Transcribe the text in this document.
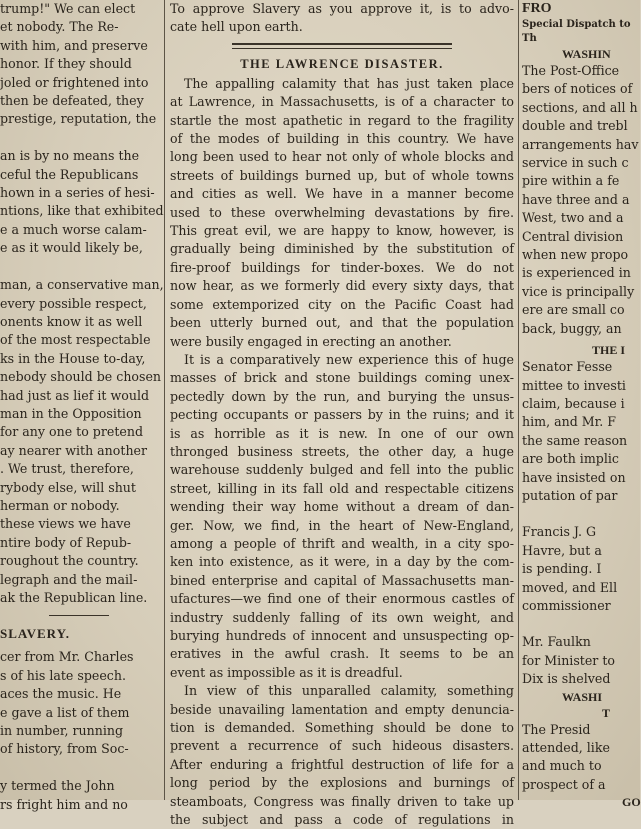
trump!" We can elect
et nobody. The Re-
with him, and preserve
honor. If they should
joled or frightened into
then be defeated, they
prestige, reputation, the

an is by no means the
ceful the Republicans
hown in a series of hesi-
ntions, like that exhibited
e a much worse calam-
e as it would likely be,

man, a conservative man,
every possible respect,
onents know it as well
of the most respectable
ks in the House to-day,
nebody should be chosen
had just as lief it would
man in the Opposition
for any one to pretend
ay nearer with another
. We trust, therefore,
rybody else, will shut
herman or nobody.
these views we have
ntire body of Repub-
roughout the country.
legraph and the mail-
ak the Republican line.
SLAVERY.
cer from Mr. Charles
s of his late speech.
aces the music. He
e gave a list of them
in number, running
of history, from Soc-

y termed the John
rs fright him and no
To approve Slavery as you approve it, is to advo-
cate hell upon earth.
THE LAWRENCE DISASTER.
The appalling calamity that has just taken place
at Lawrence, in Massachusetts, is of a character to
startle the most apathetic in regard to the fragility
of the modes of building in this country. We have
long been used to hear not only of whole blocks and
streets of buildings burned up, but of whole towns
and cities as well. We have in a manner become
used to these overwhelming devastations by fire.
This great evil, we are happy to know, however, is
gradually being diminished by the substitution of
fire-proof buildings for tinder-boxes. We do not
now hear, as we formerly did every sixty days, that
some extemporized city on the Pacific Coast had
been utterly burned out, and that the population
were busily engaged in erecting an another.
It is a comparatively new experience this of huge
masses of brick and stone buildings coming unex-
pectedly down by the run, and burying the unsus-
pecting occupants or passers by in the ruins; and it
is as horrible as it is new. In one of our own
thronged business streets, the other day, a huge
warehouse suddenly bulged and fell into the public
street, killing in its fall old and respectable citizens
wending their way home without a dream of dan-
ger. Now, we find, in the heart of New-England,
among a people of thrift and wealth, in a city spo-
ken into existence, as it were, in a day by the com-
bined enterprise and capital of Massachusetts man-
ufactures—we find one of their enormous castles of
industry suddenly falling of its own weight, and
burying hundreds of innocent and unsuspecting op-
eratives in the awful crash. It seems to be an
event as impossible as it is dreadful.
In view of this unparalled calamity, something
beside unavailing lamentation and empty denuncia-
tion is demanded. Something should be done to
prevent a recurrence of such hideous disasters.
After enduring a frightful destruction of life for a
long period by the explosions and burnings of
steamboats, Congress was finally driven to take up
the subject and pass a code of regulations in
FRO
Special Dispatch to Th
WASHIN
The Post-Office
bers of notices of
sections, and all h
double and trebl
arrangements hav
service in such c
pire within a fe
have three and a
West, two and a
Central division
when new propo
is experienced in
vice is principally
ere are small co
back, buggy, an
THE I
Senator Fesse
mittee to investi
claim, because i
him, and Mr. F
the same reason
are both implic
have insisted on
putation of par
Francis J. G
Havre, but a
is pending. I
moved, and Ell
commissioner
Mr. Faulkn
for Minister to
Dix is shelved
WASHI
T
The Presid
attended, like
and much to
prospect of a
GO
